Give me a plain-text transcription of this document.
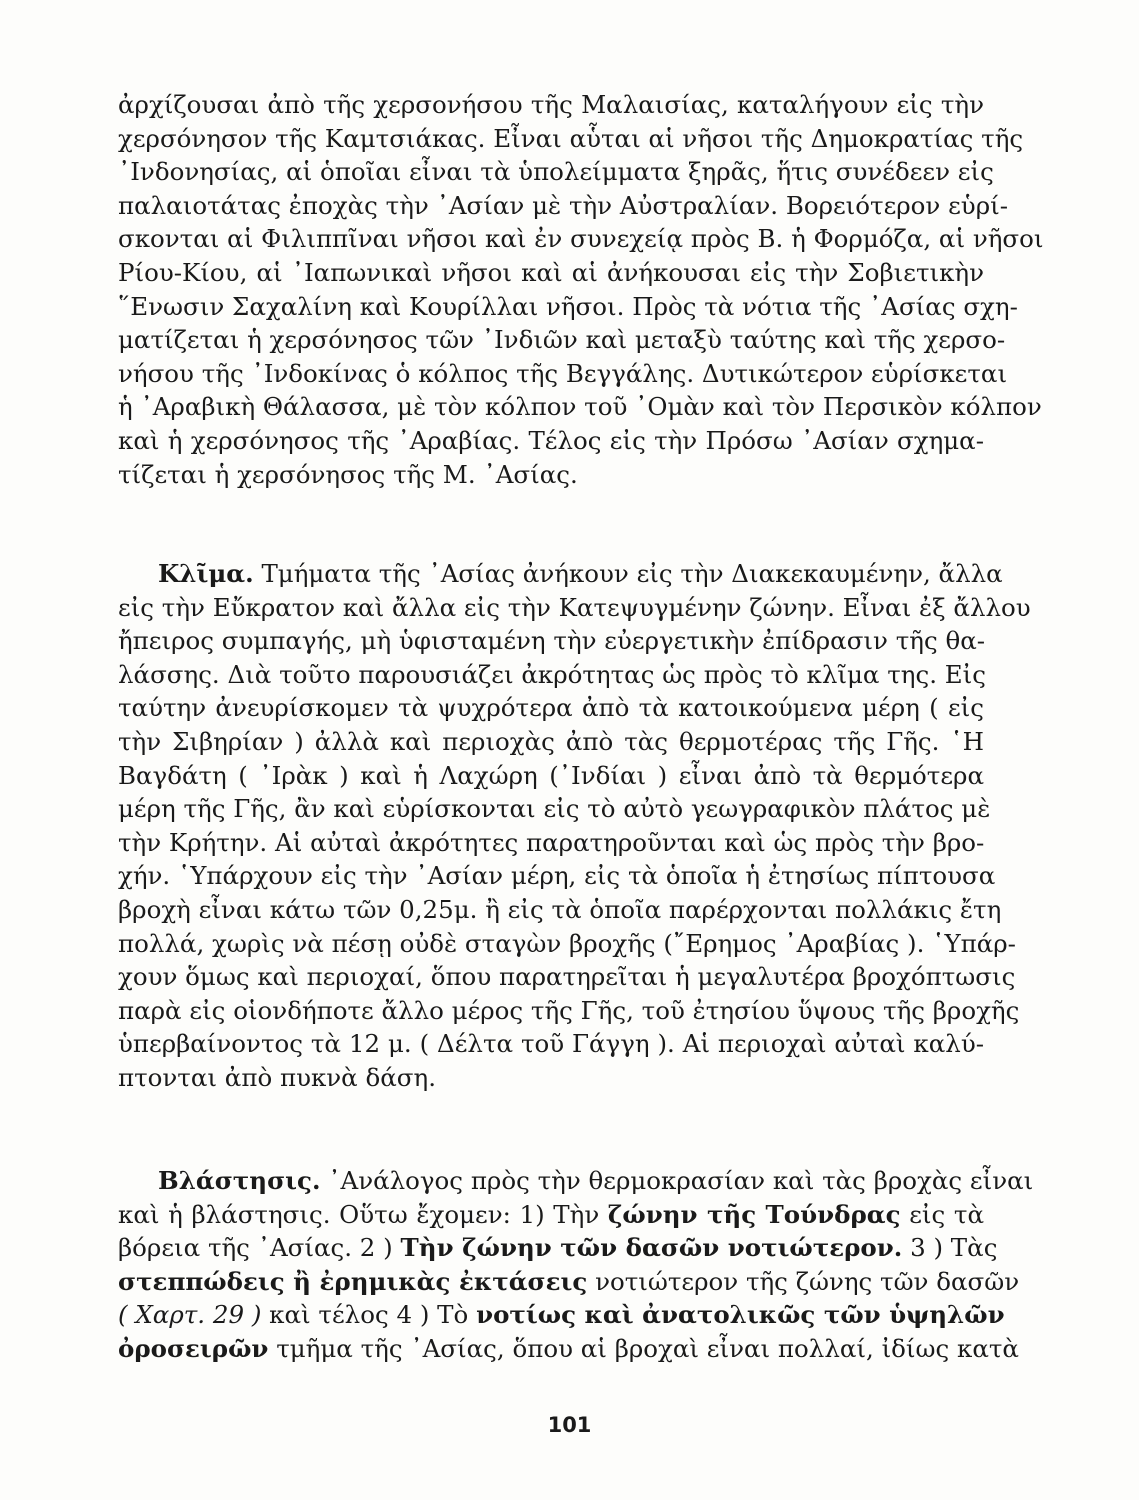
ἀρχίζουσαι ἀπὸ τῆς χερσονήσου τῆς Μαλαισίας, καταλήγουν εἰς τὴν
χερσόνησον τῆς Καμτσιάκας. Εἶναι αὗται αἱ νῆσοι τῆς Δημοκρατίας τῆς
᾿Ινδονησίας, αἱ ὁποῖαι εἶναι τὰ ὑπολείμματα ξηρᾶς, ἥτις συνέδεεν εἰς
παλαιοτάτας ἐποχὰς τὴν ᾿Ασίαν μὲ τὴν Αὐστραλίαν. Βορειότερον εὑρί-
σκονται αἱ Φιλιππῖναι νῆσοι καὶ ἐν συνεχείᾳ πρὸς Β. ἡ Φορμόζα, αἱ νῆσοι
Ρίου-Κίου, αἱ ᾿Ιαπωνικαὶ νῆσοι καὶ αἱ ἀνήκουσαι εἰς τὴν Σοβιετικὴν
῞Ενωσιν Σαχαλίνη καὶ Κουρίλλαι νῆσοι. Πρὸς τὰ νότια τῆς ᾿Ασίας σχη-
ματίζεται ἡ χερσόνησος τῶν ᾿Ινδιῶν καὶ μεταξὺ ταύτης καὶ τῆς χερσο-
νήσου τῆς ᾿Ινδοκίνας ὁ κόλπος τῆς Βεγγάλης. Δυτικώτερον εὑρίσκεται
ἡ ᾿Αραβικὴ Θάλασσα, μὲ τὸν κόλπον τοῦ ᾿Ομὰν καὶ τὸν Περσικὸν κόλπον
καὶ ἡ χερσόνησος τῆς ᾿Αραβίας. Τέλος εἰς τὴν Πρόσω ᾿Ασίαν σχημα-
τίζεται ἡ χερσόνησος τῆς Μ. ᾿Ασίας.
Κλῖμα. Τμήματα τῆς ᾿Ασίας ἀνήκουν εἰς τὴν Διακεκαυμένην, ἄλλα
εἰς τὴν Εὔκρατον καὶ ἄλλα εἰς τὴν Κατεψυγμένην ζώνην. Εἶναι ἐξ ἄλλου
ἤπειρος συμπαγής, μὴ ὑφισταμένη τὴν εὐεργετικὴν ἐπίδρασιν τῆς θα-
λάσσης. Διὰ τοῦτο παρουσιάζει ἀκρότητας ὡς πρὸς τὸ κλῖμα της. Εἰς
ταύτην ἀνευρίσκομεν τὰ ψυχρότερα ἀπὸ τὰ κατοικούμενα μέρη ( εἰς
τὴν Σιβηρίαν ) ἀλλὰ καὶ περιοχὰς ἀπὸ τὰς θερμοτέρας τῆς Γῆς. ῾Η
Βαγδάτη ( ᾿Ιρὰκ ) καὶ ἡ Λαχώρη (᾿Ινδίαι ) εἶναι ἀπὸ τὰ θερμότερα
μέρη τῆς Γῆς, ἂν καὶ εὑρίσκονται εἰς τὸ αὐτὸ γεωγραφικὸν πλάτος μὲ
τὴν Κρήτην. Αἱ αὐταὶ ἀκρότητες παρατηροῦνται καὶ ὡς πρὸς τὴν βρο-
χήν. ῾Υπάρχουν εἰς τὴν ᾿Ασίαν μέρη, εἰς τὰ ὁποῖα ἡ ἐτησίως πίπτουσα
βροχὴ εἶναι κάτω τῶν 0,25μ. ἢ εἰς τὰ ὁποῖα παρέρχονται πολλάκις ἔτη
πολλά, χωρὶς νὰ πέσῃ οὐδὲ σταγὼν βροχῆς (῎Ερημος ᾿Αραβίας ). ῾Υπάρ-
χουν ὅμως καὶ περιοχαί, ὅπου παρατηρεῖται ἡ μεγαλυτέρα βροχόπτωσις
παρὰ εἰς οἱονδήποτε ἄλλο μέρος τῆς Γῆς, τοῦ ἐτησίου ὕψους τῆς βροχῆς
ὑπερβαίνοντος τὰ 12 μ. ( Δέλτα τοῦ Γάγγη ). Αἱ περιοχαὶ αὐταὶ καλύ-
πτονται ἀπὸ πυκνὰ δάση.
Βλάστησις. ᾿Ανάλογος πρὸς τὴν θερμοκρασίαν καὶ τὰς βροχὰς εἶναι
καὶ ἡ βλάστησις. Οὕτω ἔχομεν: 1) Τὴν ζώνην τῆς Τούνδρας εἰς τὰ
βόρεια τῆς ᾿Ασίας. 2 ) Τὴν ζώνην τῶν δασῶν νοτιώτερον. 3 ) Τὰς
στεππώδεις ἢ ἐρημικὰς ἐκτάσεις νοτιώτερον τῆς ζώνης τῶν δασῶν
( Χαρτ. 29 ) καὶ τέλος 4 ) Τὸ νοτίως καὶ ἀνατολικῶς τῶν ὑψηλῶν
ὀροσειρῶν τμῆμα τῆς ᾿Ασίας, ὅπου αἱ βροχαὶ εἶναι πολλαί, ἰδίως κατὰ
101
